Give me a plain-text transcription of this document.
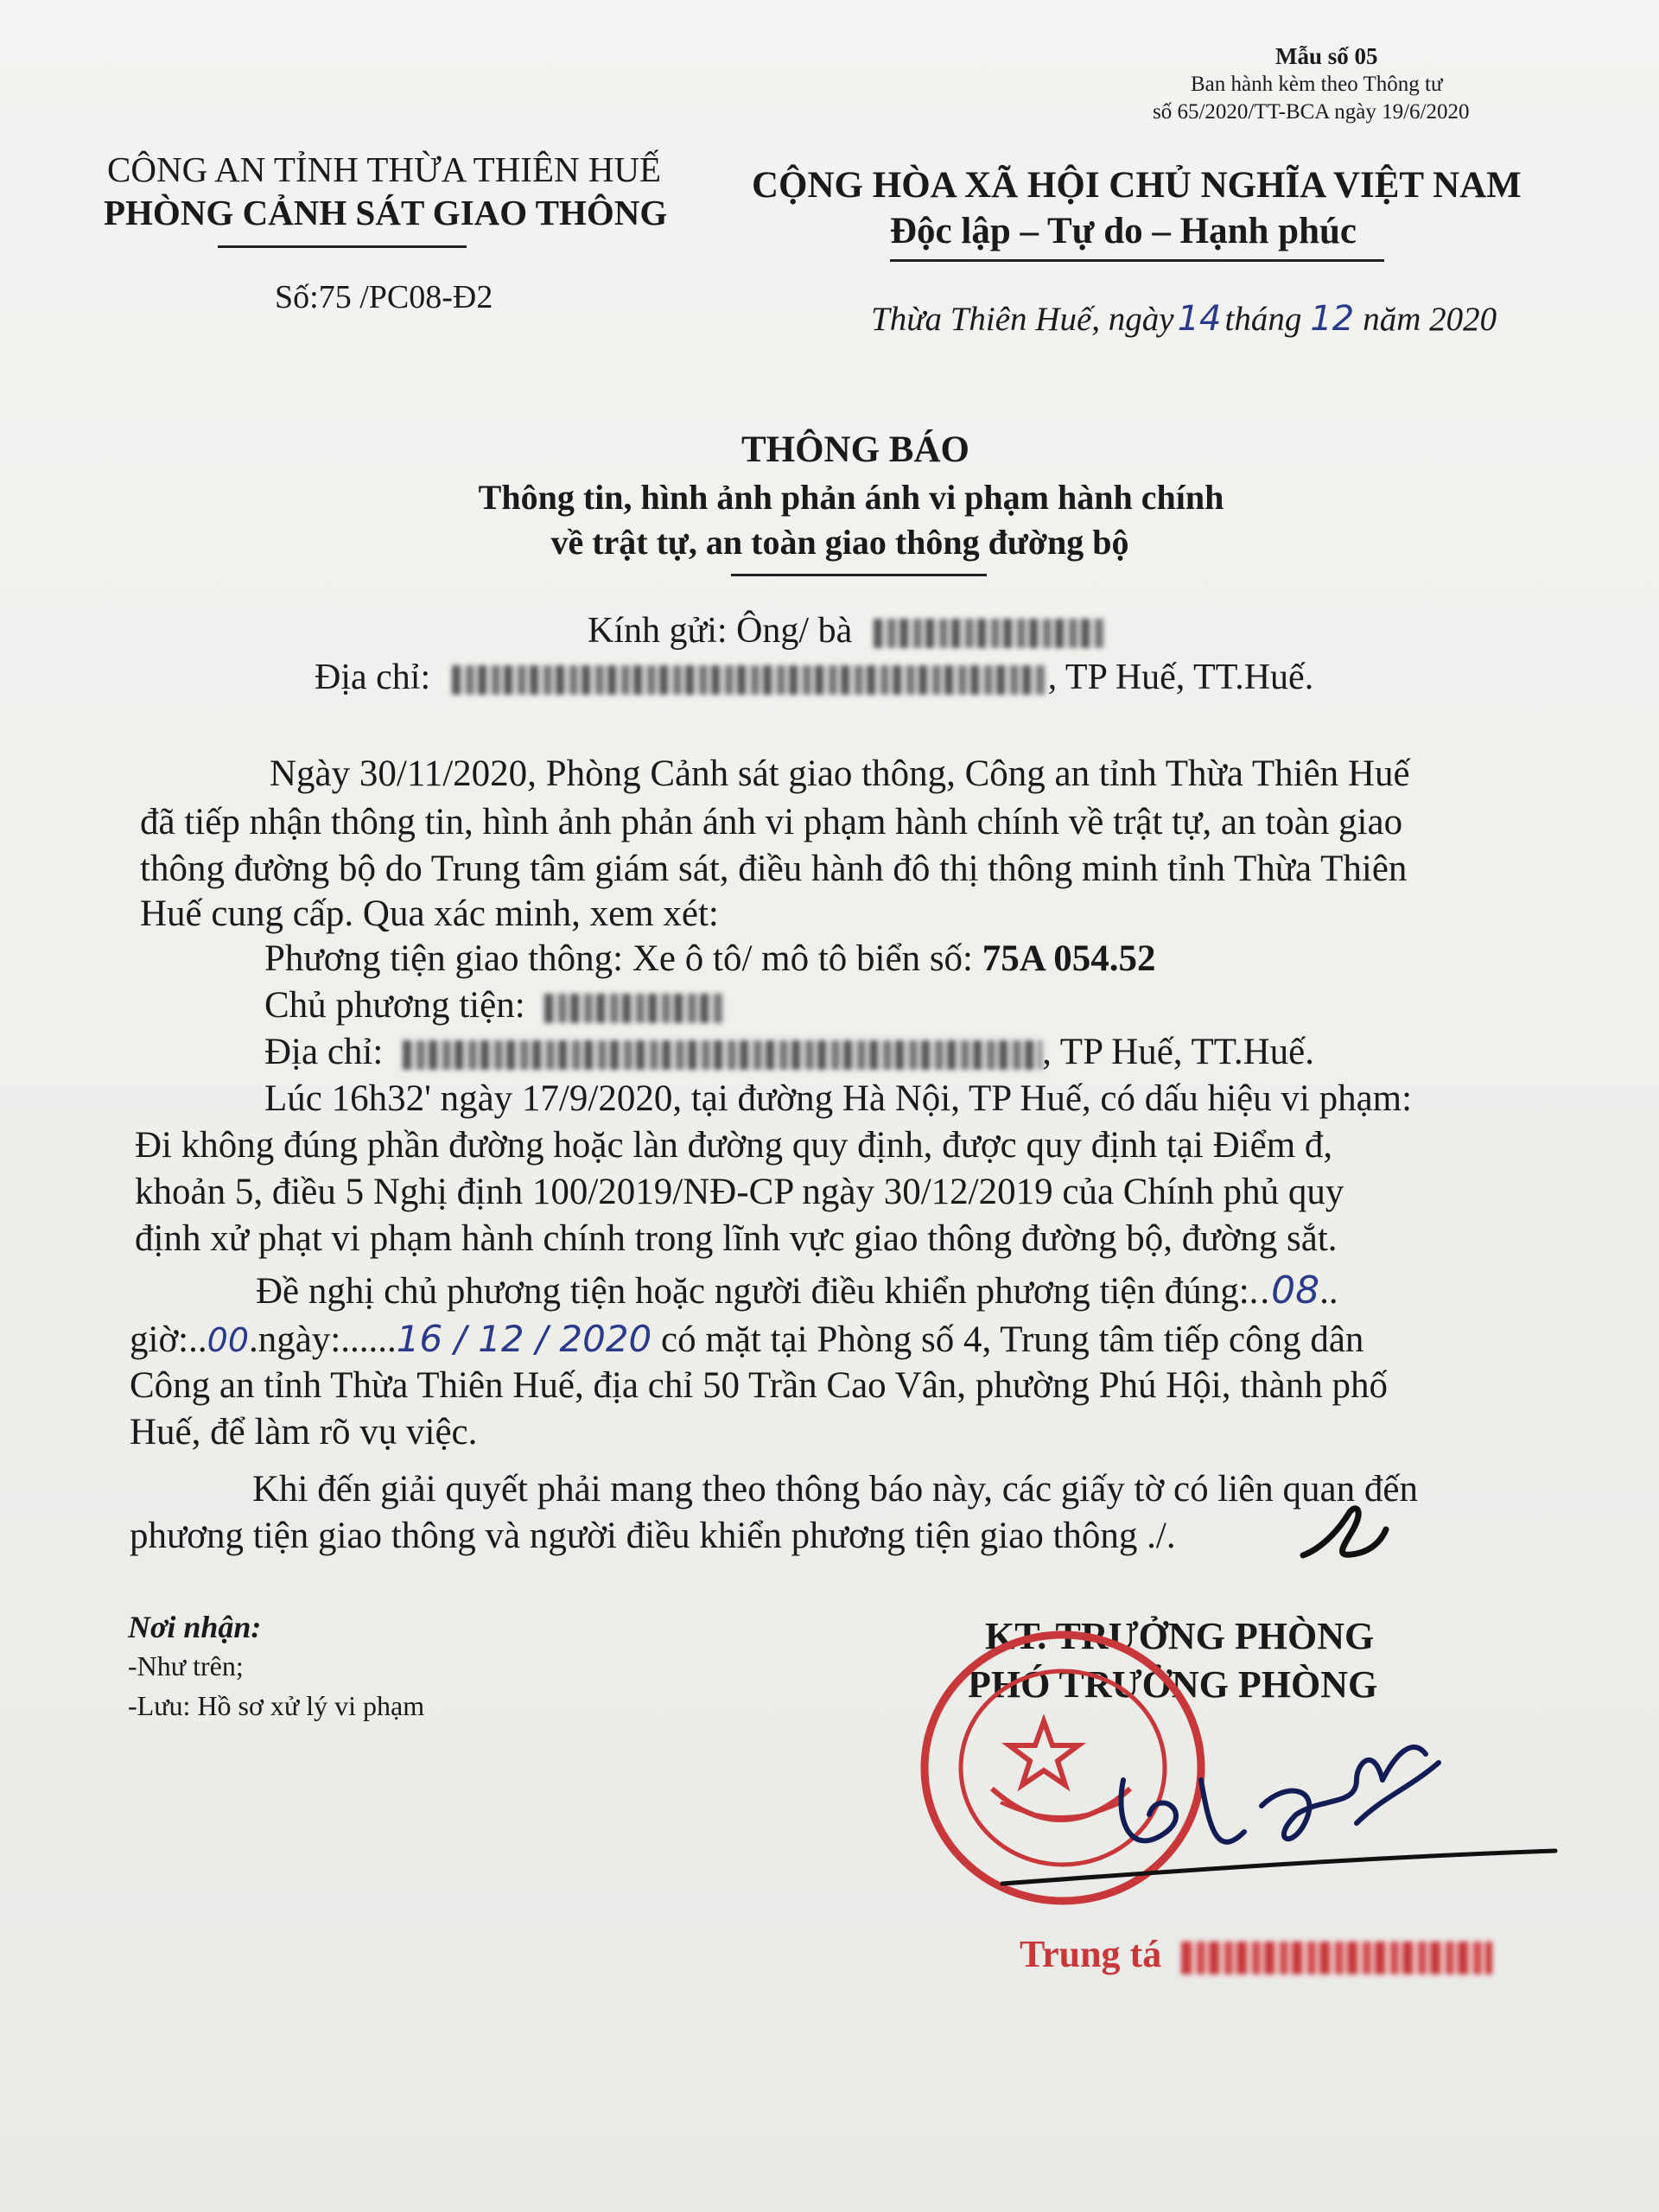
Mẫu số 05
Ban hành kèm theo Thông tư
số 65/2020/TT-BCA ngày 19/6/2020
CÔNG AN TỈNH THỪA THIÊN HUẾ
PHÒNG CẢNH SÁT GIAO THÔNG
Số:75 /PC08-Đ2
CỘNG HÒA XÃ HỘI CHỦ NGHĨA VIỆT NAM
Độc lập – Tự do – Hạnh phúc
Thừa Thiên Huế, ngày 14 tháng 12 năm 2020
THÔNG BÁO
Thông tin, hình ảnh phản ánh vi phạm hành chính
về trật tự, an toàn giao thông đường bộ
Kính gửi: Ông/ bà
Địa chỉ:	, TP Huế, TT.Huế.
Ngày 30/11/2020, Phòng Cảnh sát giao thông, Công an tỉnh Thừa Thiên Huế
đã tiếp nhận thông tin, hình ảnh phản ánh vi phạm hành chính về trật tự, an toàn giao
thông đường bộ do Trung tâm giám sát, điều hành đô thị thông minh tỉnh Thừa Thiên
Huế cung cấp. Qua xác minh, xem xét:
Phương tiện giao thông: Xe ô tô/ mô tô biển số: 75A 054.52
Chủ phương tiện:
Địa chỉ:	, TP Huế, TT.Huế.
Lúc 16h32' ngày 17/9/2020, tại đường Hà Nội, TP Huế, có dấu hiệu vi phạm:
Đi không đúng phần đường hoặc làn đường quy định, được quy định tại Điểm đ,
khoản 5, điều 5 Nghị định 100/2019/NĐ-CP ngày 30/12/2019 của Chính phủ quy
định xử phạt vi phạm hành chính trong lĩnh vực giao thông đường bộ, đường sắt.
Đề nghị chủ phương tiện hoặc người điều khiển phương tiện đúng:..08..
giờ:..00.ngày:......16 / 12 / 2020 có mặt tại Phòng số 4, Trung tâm tiếp công dân
Công an tỉnh Thừa Thiên Huế, địa chỉ 50 Trần Cao Vân, phường Phú Hội, thành phố
Huế, để làm rõ vụ việc.
Khi đến giải quyết phải mang theo thông báo này, các giấy tờ có liên quan đến
phương tiện giao thông và người điều khiển phương tiện giao thông ./.
Nơi nhận:
-Như trên;
-Lưu: Hồ sơ xử lý vi phạm
KT. TRƯỞNG PHÒNG
PHÓ TRƯỞNG PHÒNG
Trung tá
